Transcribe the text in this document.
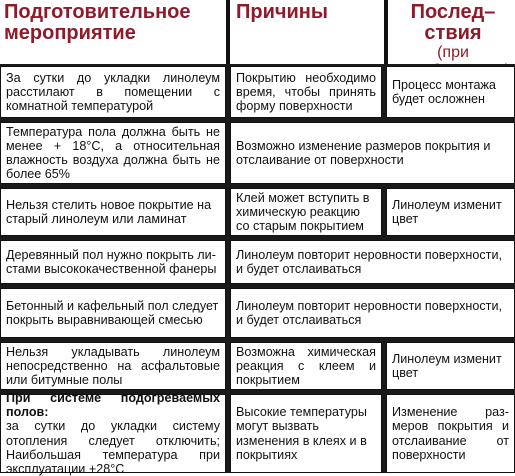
Подготовительное мероприятие
Причины	Послед–
ствия
(при
За сутки до укладки линолеум расстилают в помещении с комнатной температурой
Покрытию необходимо время, чтобы принять форму поверхности
Процесс монтажа будет осложнен
Температура пола должна быть не менее + 18°C, а относительная влажность воздуха должна быть не более 65%
Возможно изменение размеров покрытия и отслаивание от поверхности
Нельзя стелить новое покрытие на старый линолеум или ламинат
Клей может вступить в химическую реакцию со старым покрытием
Линолеум изменит цвет
Деревянный пол нужно покрыть листами высококачественной фанеры
Линолеум повторит неровности поверхности, и будет отслаиваться
Бетонный и кафельный пол следует покрыть выравнивающей смесью
Линолеум повторит неровности поверхности, и будет отслаиваться
Нельзя укладывать линолеум непосредственно на асфальтовые или битумные полы
Возможна химическая реакция с клеем и покрытием
Линолеум изменит цвет
При системе подогреваемых полов:
за сутки до укладки систему отопления следует отключить; Наибольшая температура при эксплуатации +28°C
Высокие температуры могут вызвать изменения в клеях и в покрытиях
Изменение размеров покрытия и отслаивание от поверхности
